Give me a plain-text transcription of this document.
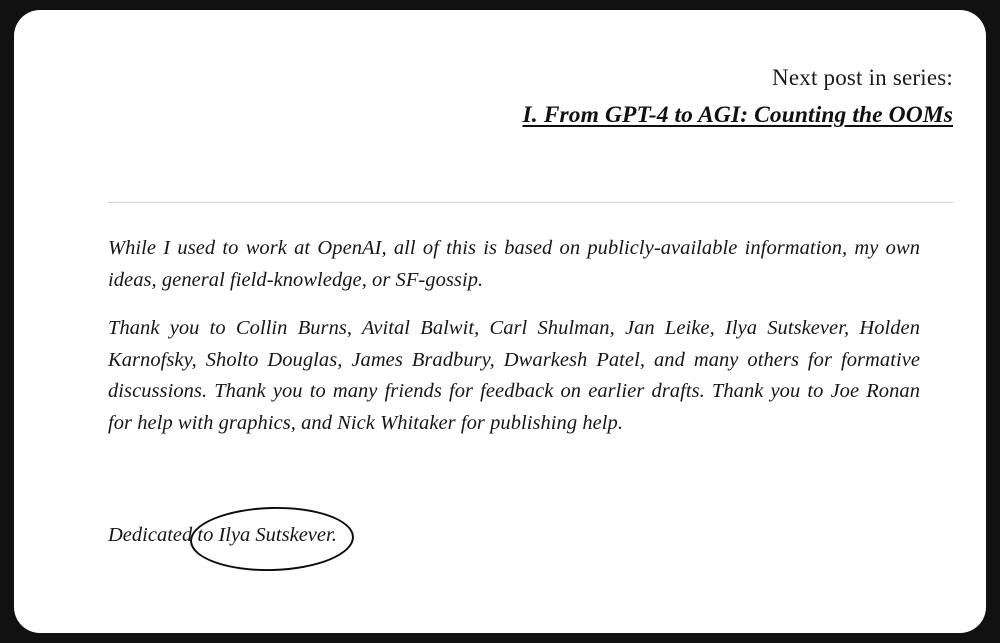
Next post in series:
I. From GPT-4 to AGI: Counting the OOMs

While I used to work at OpenAI, all of this is based on publicly-available information, my own ideas, general field-knowledge, or SF-gossip.

Thank you to Collin Burns, Avital Balwit, Carl Shulman, Jan Leike, Ilya Sutskever, Holden Karnofsky, Sholto Douglas, James Bradbury, Dwarkesh Patel, and many others for formative discussions. Thank you to many friends for feedback on earlier drafts. Thank you to Joe Ronan for help with graphics, and Nick Whitaker for publishing help.

Dedicated to Ilya Sutskever.
